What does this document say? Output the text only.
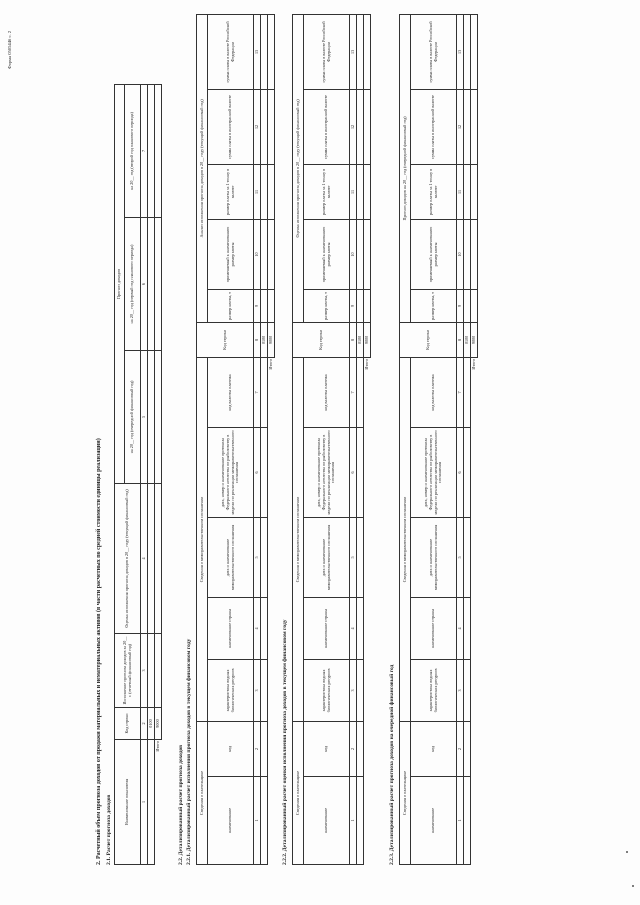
Форма 0505446 с. 2
2. Расчетный объем прогноза доходов от продажи материальных и нематериальных активов (в части расчетных по средней стоимости единицы реализации) 2.1. Расчет прогноза доходов	Наименование показателя	Код строки	Исполнение прогноза доходов за 20__ г. (отчетный финансовый год)	Оценка исполнения прогноза доходов в 20__ году (текущий финансовый год)	Прогноз доходов		
				на 20__ год (очередной финансовый год)	на 20__ год (первый год планового периода)	на 20__ год (второй год планового периода)
1	2	3	4	5	6	7
	0100					
Итого	9000					
2.2. Детализированный расчет прогноза доходов 2.2.1. Детализированный расчет исполнения прогноза доходов в текущем финансовом году Сведения о плательщике		Сведения о межправительственном соглашении					Код строки	Анализ исполнения прогноза доходов в 20__ году (текущий финансовый год)				
наименование	код	характеристика водных биологических ресурсов	наименование страны	дата и наименование межправительственного соглашения	дата, номер и наименование протокола Федерального агентства по рыболовству в модели по реализации межправительственного соглашения	код валюты платежа		размер квоты, т	применяемый к наименованию размер квоты	размер платы за 1 тонну в валюте	сумма платы в иностранной валюте	сумма платы в валюте Российской Федерации
1	2	3	4	5	6	7	8	9	10	11	12	13
							0100					
						Итого	9000					
2.2.2. Детализированный расчет оценки исполнения прогноза доходов в текущем финансовом году Сведения о плательщике		Сведения о межправительственном соглашении					Код строки	Оценка исполнения прогноза доходов в 20__ году (текущий финансовый год)				
наименование	код	характеристика водных биологических ресурсов	наименование страны	дата и наименование межправительственного соглашения	дата, номер и наименование протокола Федерального агентства по рыболовству в модели по реализации межправительственного соглашения	код валюты платежа		размер квоты, т	применяемый к наименованию размер квоты	размер платы за 1 тонну в валюте	сумма платы в иностранной валюте	сумма платы в валюте Российской Федерации
1	2	3	4	5	6	7	8	9	10	11	12	13
							0100					
						Итого	9000					
2.2.3. Детализированный расчет прогноза доходов на очередной финансовый год Сведения о плательщике		Сведения о межправительственном соглашении					Код строки	Прогноз доходов на 20__ год (очередной финансовый год)				
наименование	код	характеристика водных биологических ресурсов	наименование страны	дата и наименование межправительственного соглашения	дата, номер и наименование протокола Федерального агентства по рыболовству в модели по реализации межправительственного соглашения	код валюты платежа		размер квоты, т	применяемый к наименованию размер квоты	размер платы за 1 тонну в валюте	сумма платы в иностранной валюте	сумма платы в валюте Российской Федерации
1	2	3	4	5	6	7	8	9	10	11	12	13
							0100					
						Итого	9000					
